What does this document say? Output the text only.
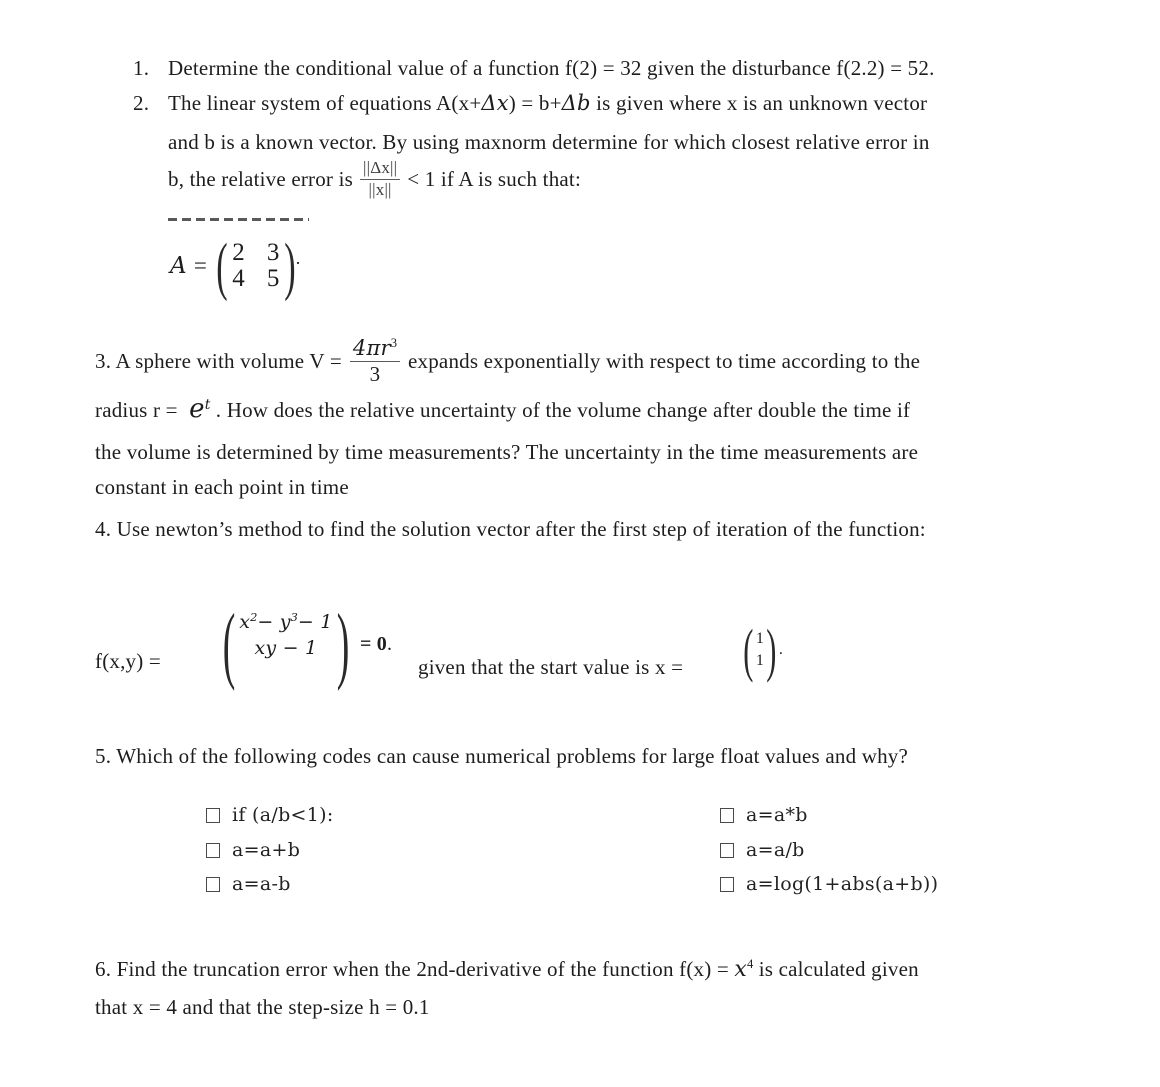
1. Determine the conditional value of a function f(2) = 32 given the disturbance f(2.2) = 52.
2. The linear system of equations A(x+Δx) = b+Δb is given where x is an unknown vector
and b is a known vector. By using maxnorm determine for which closest relative error in
b, the relative error is $\frac{||\Delta x||}{||x||} < 1$ if A is such that:
A = ( 2 3
4 5 ) .
3. A sphere with volume $V = \frac{4\pi r^3}{3}$ expands exponentially with respect to time according to the
radius $r = e^t$ . How does the relative uncertainty of the volume change after double the time if
the volume is determined by time measurements? The uncertainty in the time measurements are
constant in each point in time
4. Use newton’s method to find the solution vector after the first step of iteration of the function:
f(x,y) = ( x 2 − y 3 − 1
xy − 1 ) = 0.
given that the start value is x = ( 1
1 ) .
5. Which of the following codes can cause numerical problems for large float values and why?
if (a/b<1):
a=a+b
a=a-b
a=a*b
a=a/b
a=log(1+abs(a+b))
6. Find the truncation error when the 2nd-derivative of the function $f(x) = x^4$ is calculated given
that x = 4 and that the step-size h = 0.1
